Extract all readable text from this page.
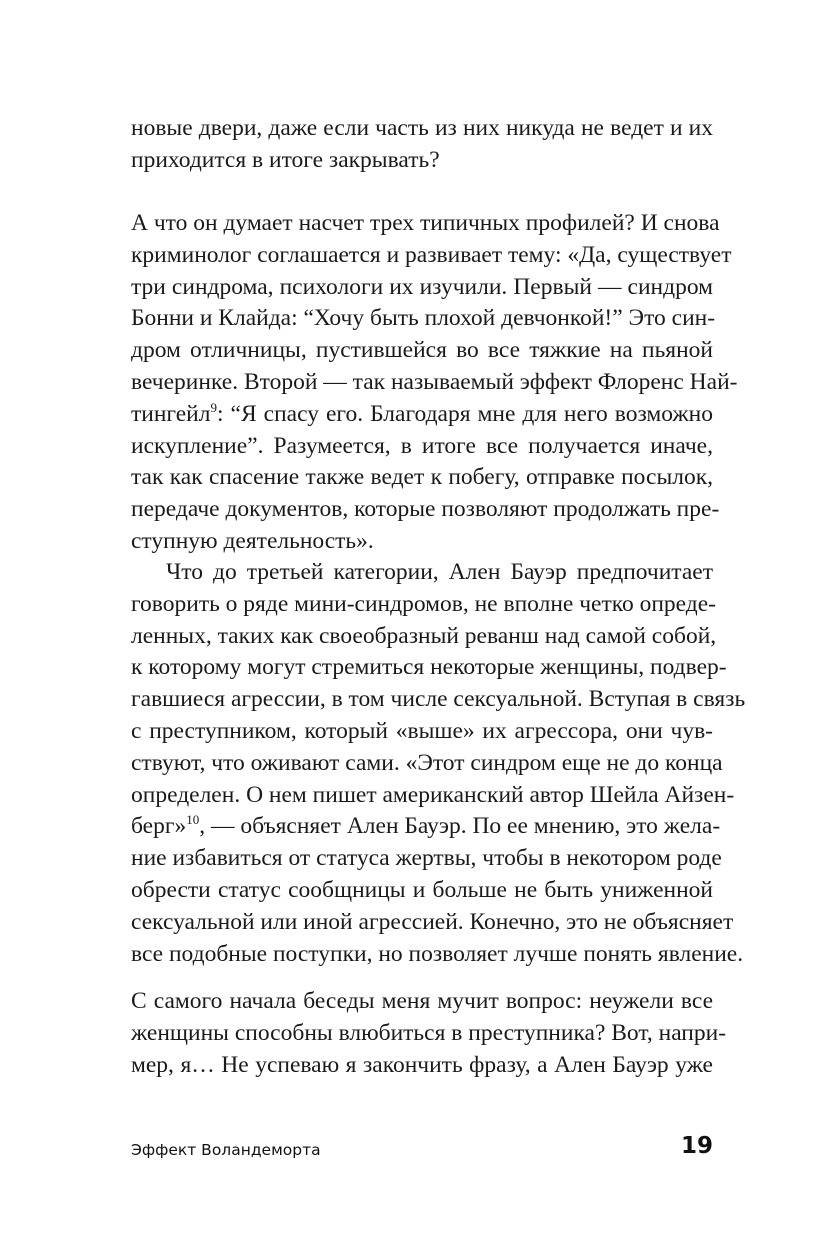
новые двери, даже если часть из них никуда не ведет и их
приходится в итоге закрывать?
А что он думает насчет трех типичных профилей? И снова
криминолог соглашается и развивает тему: «Да, существует
три синдрома, психологи их изучили. Первый — синдром
Бонни и Клайда: “Хочу быть плохой девчонкой!” Это син-
дром отличницы, пустившейся во все тяжкие на пьяной
вечеринке. Второй — так называемый эффект Флоренс Най-
тингейл$^9$: “Я спасу его. Благодаря мне для него возможно
искупление”. Разумеется, в итоге все получается иначе,
так как спасение также ведет к побегу, отправке посылок,
передаче документов, которые позволяют продолжать пре-
ступную деятельность».
Что до третьей категории, Ален Бауэр предпочитает
говорить о ряде мини-синдромов, не вполне четко опреде-
ленных, таких как своеобразный реванш над самой собой,
к которому могут стремиться некоторые женщины, подвер-
гавшиеся агрессии, в том числе сексуальной. Вступая в связь
с преступником, который «выше» их агрессора, они чув-
ствуют, что оживают сами. «Этот синдром еще не до конца
определен. О нем пишет американский автор Шейла Айзен-
берг»$^{10}$, — объясняет Ален Бауэр. По ее мнению, это жела-
ние избавиться от статуса жертвы, чтобы в некотором роде
обрести статус сообщницы и больше не быть униженной
сексуальной или иной агрессией. Конечно, это не объясняет
все подобные поступки, но позволяет лучше понять явление.
С самого начала беседы меня мучит вопрос: неужели все
женщины способны влюбиться в преступника? Вот, напри-
мер, я… Не успеваю я закончить фразу, а Ален Бауэр уже
Эффект Воландеморта	19
